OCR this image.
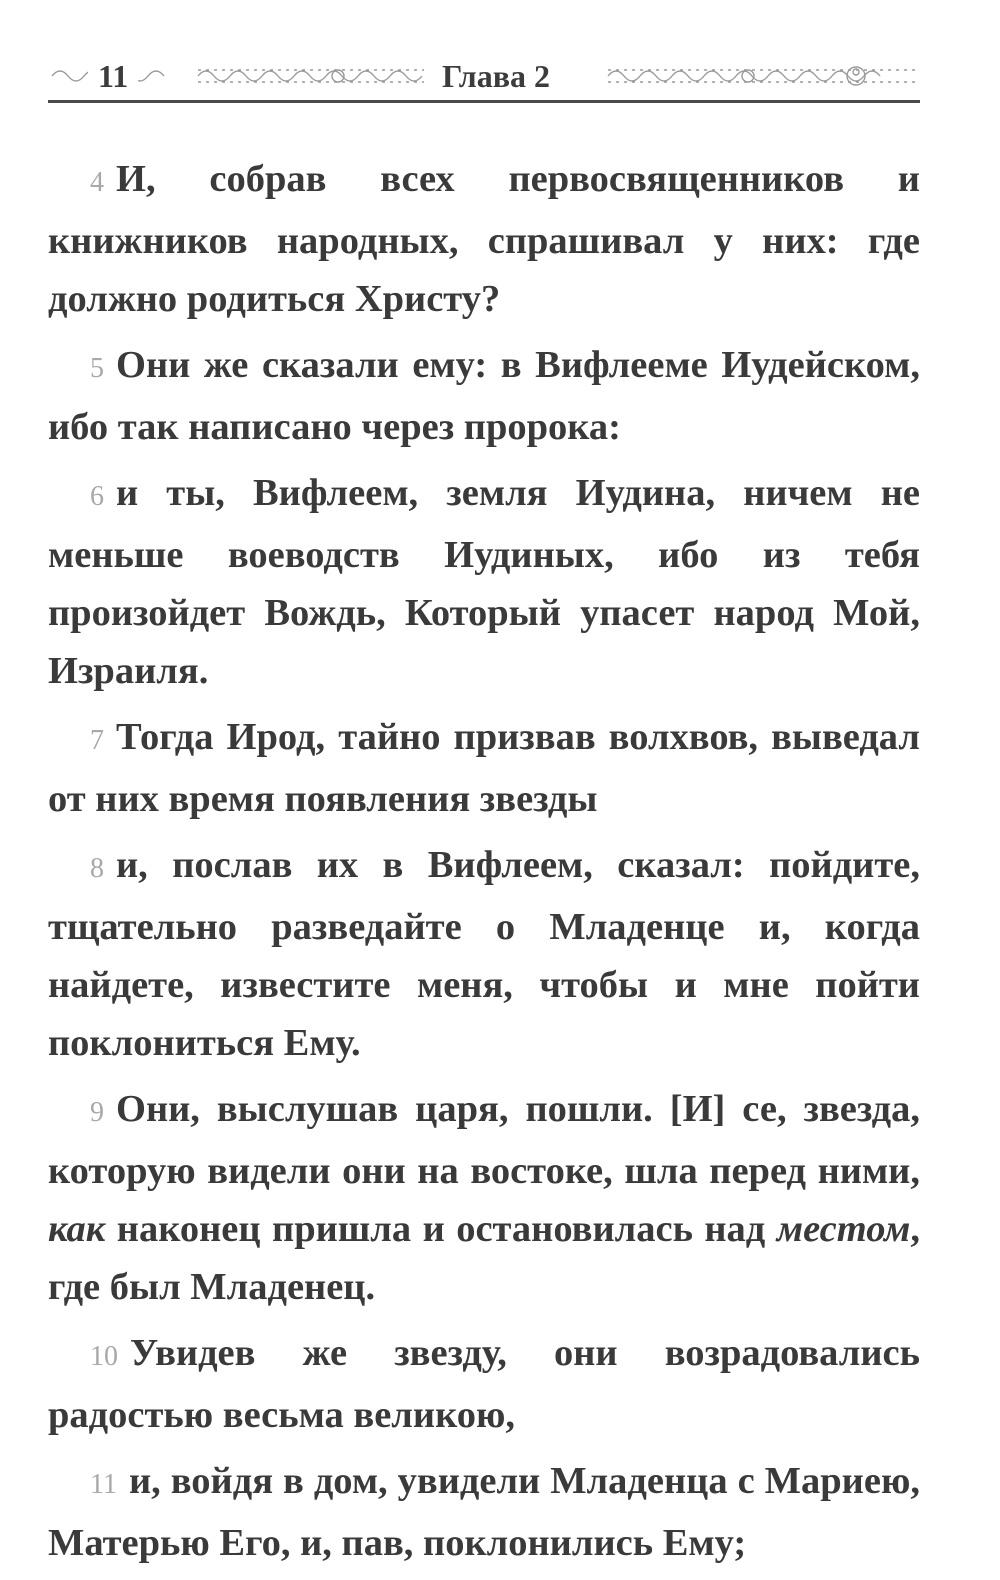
11	Глава 2

4 И, собрав всех первосвященников и книжников народных, спрашивал у них: где должно родиться Христу?

5 Они же сказали ему: в Вифлееме Иудейском, ибо так написано через пророка:

6 и ты, Вифлеем, земля Иудина, ничем не меньше воеводств Иудиных, ибо из тебя произойдет Вождь, Который упасет народ Мой, Израиля.

7 Тогда Ирод, тайно призвав волхвов, выведал от них время появления звезды

8 и, послав их в Вифлеем, сказал: пойдите, тщательно разведайте о Младенце и, когда найдете, известите меня, чтобы и мне пойти поклониться Ему.

9 Они, выслушав царя, пошли. [И] се, звезда, которую видели они на востоке, шла перед ними, как наконец пришла и остановилась над местом, где был Младенец.

10 Увидев же звезду, они возрадовались радостью весьма великою,

11 и, войдя в дом, увидели Младенца с Мариею, Матерью Его, и, пав, поклонились Ему;
